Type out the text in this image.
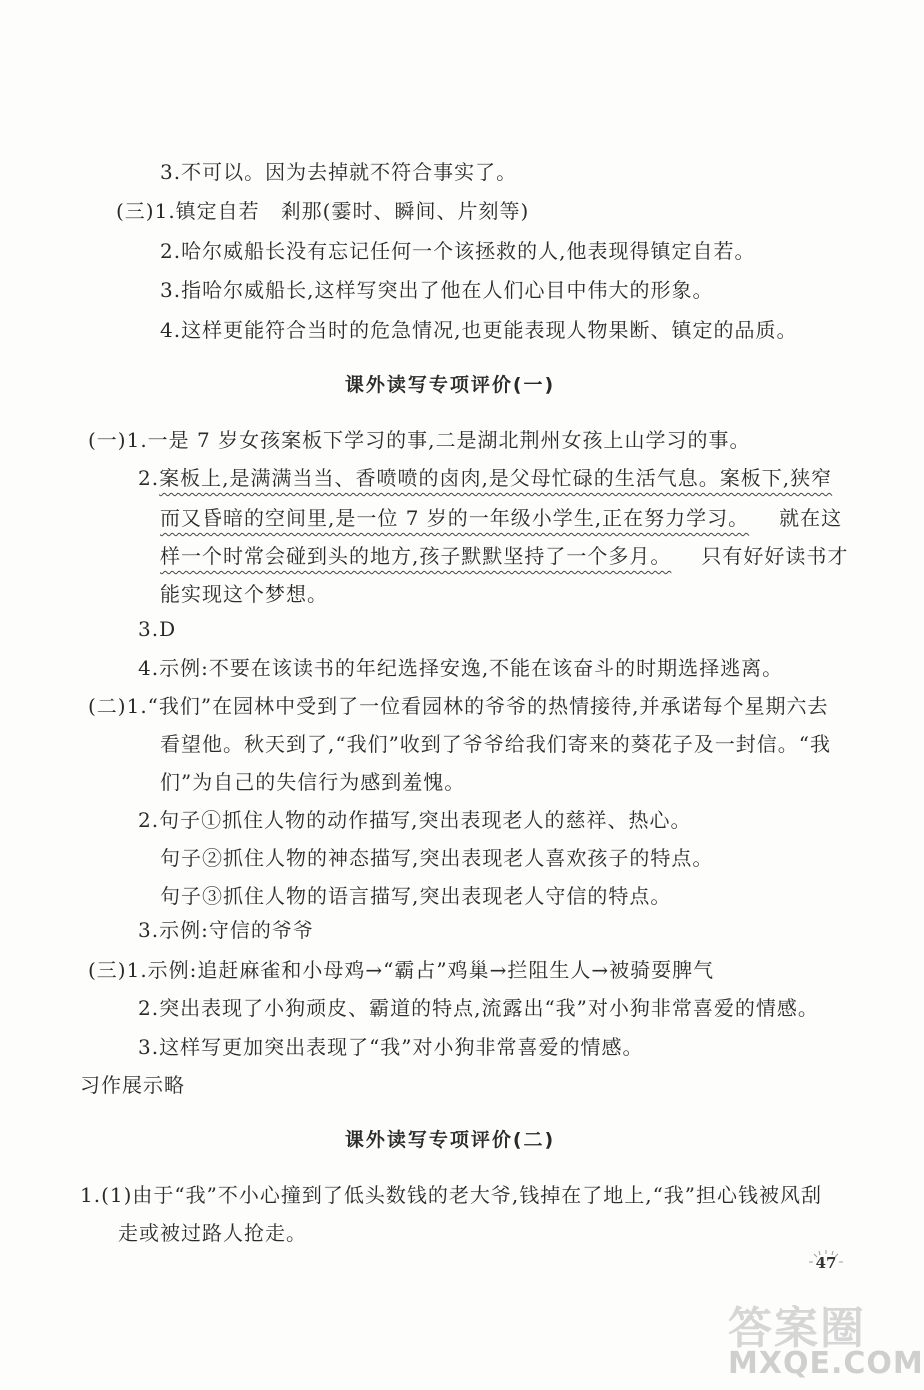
3.不可以。因为去掉就不符合事实了。
(三)1.镇定自若　剎那(霎时、瞬间、片刻等)
2.哈尔威船长没有忘记任何一个该拯救的人,他表现得镇定自若。
3.指哈尔威船长,这样写突出了他在人们心目中伟大的形象。
4.这样更能符合当时的危急情况,也更能表现人物果断、镇定的品质。
课外读写专项评价(一)
(一)1.一是 7 岁女孩案板下学习的事,二是湖北荆州女孩上山学习的事。
2.案板上,是满满当当、香喷喷的卤肉,是父母忙碌的生活气息。案板下,狭窄
而又昏暗的空间里,是一位 7 岁的一年级小学生,正在努力学习。 就在这
样一个时常会碰到头的地方,孩子默默坚持了一个多月。 只有好好读书才
能实现这个梦想。
3.D
4.示例:不要在该读书的年纪选择安逸,不能在该奋斗的时期选择逃离。
(二)1.“我们”在园林中受到了一位看园林的爷爷的热情接待,并承诺每个星期六去
看望他。秋天到了,“我们”收到了爷爷给我们寄来的葵花子及一封信。“我
们”为自己的失信行为感到羞愧。
2.句子①抓住人物的动作描写,突出表现老人的慈祥、热心。
句子②抓住人物的神态描写,突出表现老人喜欢孩子的特点。
句子③抓住人物的语言描写,突出表现老人守信的特点。
3.示例:守信的爷爷
(三)1.示例:追赶麻雀和小母鸡→“霸占”鸡巢→拦阻生人→被骑耍脾气
2.突出表现了小狗顽皮、霸道的特点,流露出“我”对小狗非常喜爱的情感。
3.这样写更加突出表现了“我”对小狗非常喜爱的情感。
习作展示略
课外读写专项评价(二)
1.(1)由于“我”不小心撞到了低头数钱的老大爷,钱掉在了地上,“我”担心钱被风刮
走或被过路人抢走。
47
答案圈
MXQE.COM
